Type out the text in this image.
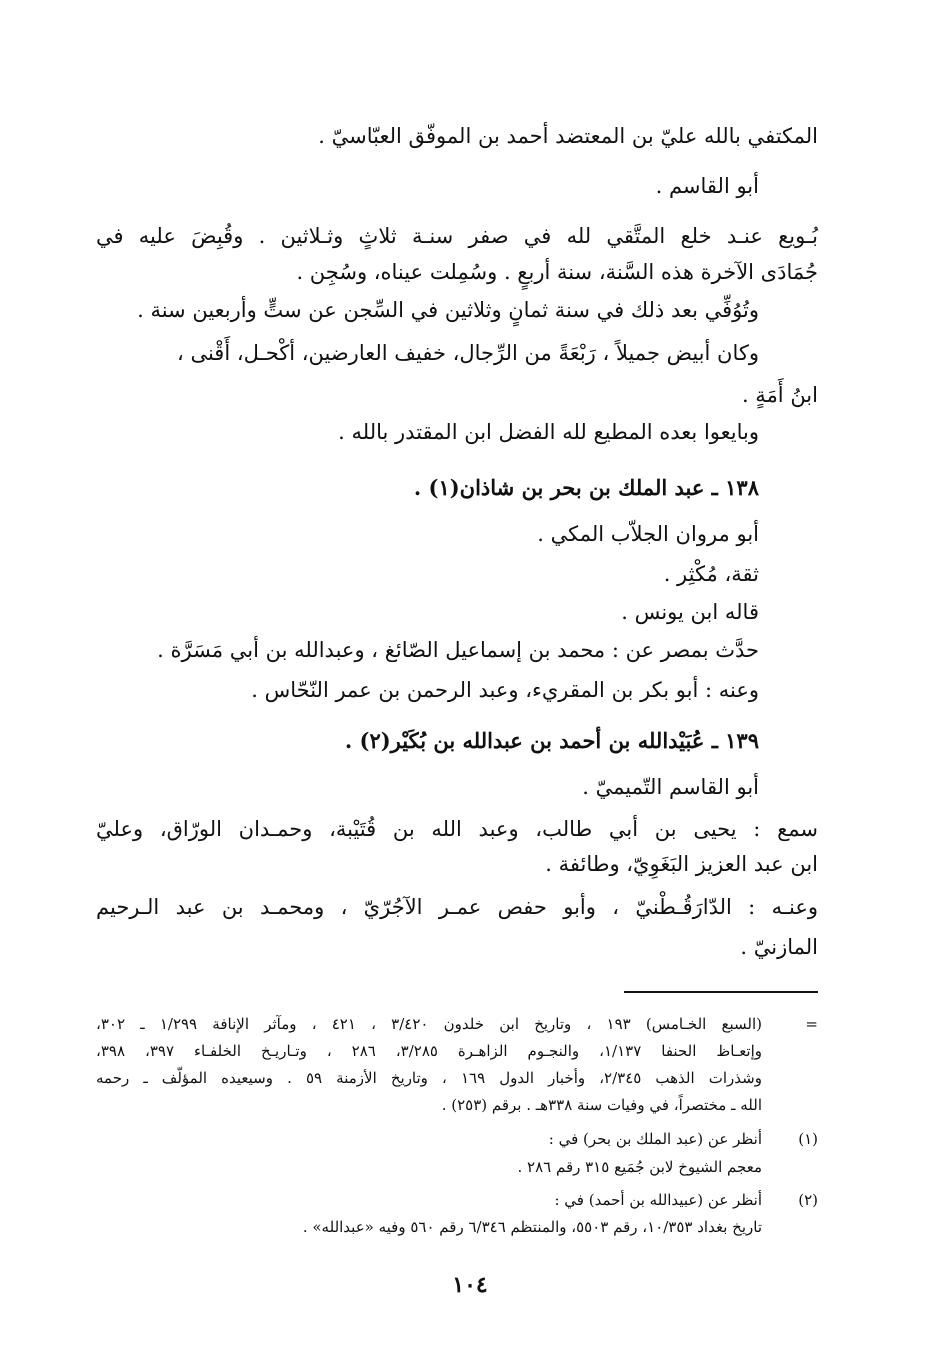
المكتفي بالله عليّ بن المعتضد أحمد بن الموفّق العبّاسيّ .
أبو القاسم .
بُـويع عنـد خلع المتَّقي لله في صفر سنـة ثلاثٍ وثـلاثين . وقُبِضَ عليه في
جُمَادَى الآخرة هذه السَّنة، سنة أربعٍ . وسُمِلت عيناه، وسُجِن .
وتُوُفِّي بعد ذلك في سنة ثمانٍ وثلاثين في السِّجن عن ستٍّ وأربعين سنة .
وكان أبيض جميلاً ، رَبْعَةً من الرِّجال، خفيف العارضين، أكْحـل، أَقْنى ،
ابنُ أَمَةٍ .
وبايعوا بعده المطيع لله الفضل ابن المقتدر بالله .
١٣٨ ـ عبد الملك بن بحر بن شاذان(١) .
أبو مروان الجلاّب المكي .
ثقة، مُكْثِر .
قاله ابن يونس .
حدَّث بمصر عن : محمد بن إسماعيل الصّائغ ، وعبدالله بن أبي مَسَرَّة .
وعنه : أبو بكر بن المقريء، وعبد الرحمن بن عمر النّحّاس .
١٣٩ ـ عُبَيْدالله بن أحمد بن عبدالله بن بُكَيْر(٢) .
أبو القاسم التّميميّ .
سمع : يحيى بن أبي طالب، وعبد الله بن قُتَيْبة، وحمـدان الورّاق، وعليّ
ابن عبد العزيز البَغَوِيّ، وطائفة .
وعنـه : الدّارَقُـطْنيّ ، وأبو حفص عمـر الآجُرّيّ ، ومحمـد بن عبد الـرحيم
المازنيّ .
=
(السبع الخـامس) ١٩٣ ، وتاريخ ابن خلدون ٣/٤٢٠ ، ٤٢١ ، ومآثر الإنافة ١/٢٩٩ ـ ٣٠٢،
وإتعـاظ الحنفا ١/١٣٧، والنجـوم الزاهـرة ٣/٢٨٥، ٢٨٦ ، وتـاريـخ الخلفـاء ٣٩٧، ٣٩٨،
وشذرات الذهب ٢/٣٤٥، وأخبار الدول ١٦٩ ، وتاريخ الأزمنة ٥٩ . وسيعيده المؤلّف ـ رحمه
الله ـ مختصراً، في وفيات سنة ٣٣٨هـ . برقم (٢٥٣) .
(١)
أنظر عن (عبد الملك بن بحر) في :
معجم الشيوخ لابن جُمَيع ٣١٥ رقم ٢٨٦ .
(٢)
أنظر عن (عبيدالله بن أحمد) في :
تاريخ بغداد ١٠/٣٥٣، رقم ٥٥٠٣، والمنتظم ٦/٣٤٦ رقم ٥٦٠ وفيه «عبدالله» .
١٠٤
